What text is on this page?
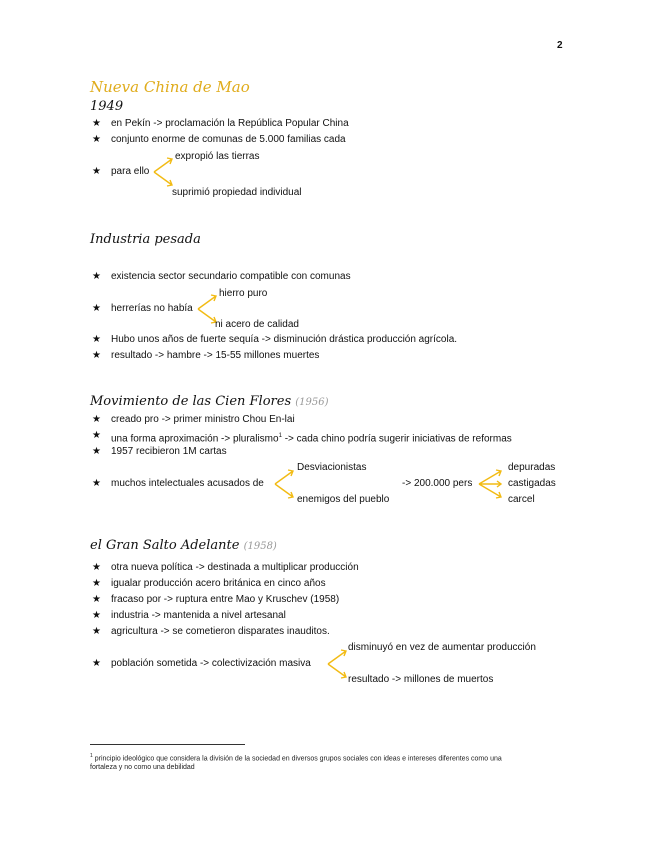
2
Nueva China de Mao
1949
★ en Pekín -> proclamación la República Popular China
★ conjunto enorme de comunas de 5.000 familias cada
expropió las tierras
★ para ello
suprimió propiedad individual
Industria pesada
★ existencia sector secundario compatible con comunas
hierro puro
★ herrerías no había
ni acero de calidad
★ Hubo unos años de fuerte sequía -> disminución drástica producción agrícola.
★ resultado -> hambre -> 15-55 millones muertes
Movimiento de las Cien Flores (1956)
★ creado pro -> primer ministro Chou En-lai
★ una forma aproximación -> pluralismo$^1$ -> cada chino podría sugerir iniciativas de reformas
★ 1957 recibieron 1M cartas
Desviacionistas
★ muchos intelectuales acusados de
enemigos del pueblo
-> 200.000 pers
depuradas
castigadas
carcel
el Gran Salto Adelante (1958)
★ otra nueva política -> destinada a multiplicar producción
★ igualar producción acero británica en cinco años
★ fracaso por -> ruptura entre Mao y Kruschev (1958)
★ industria -> mantenida a nivel artesanal
★ agricultura -> se cometieron disparates inauditos.
disminuyó en vez de aumentar producción
★ población sometida -> colectivización masiva
resultado -> millones de muertos
$^1$ principio ideológico que considera la división de la sociedad en diversos grupos sociales con ideas e intereses diferentes como una
fortaleza y no como una debilidad
